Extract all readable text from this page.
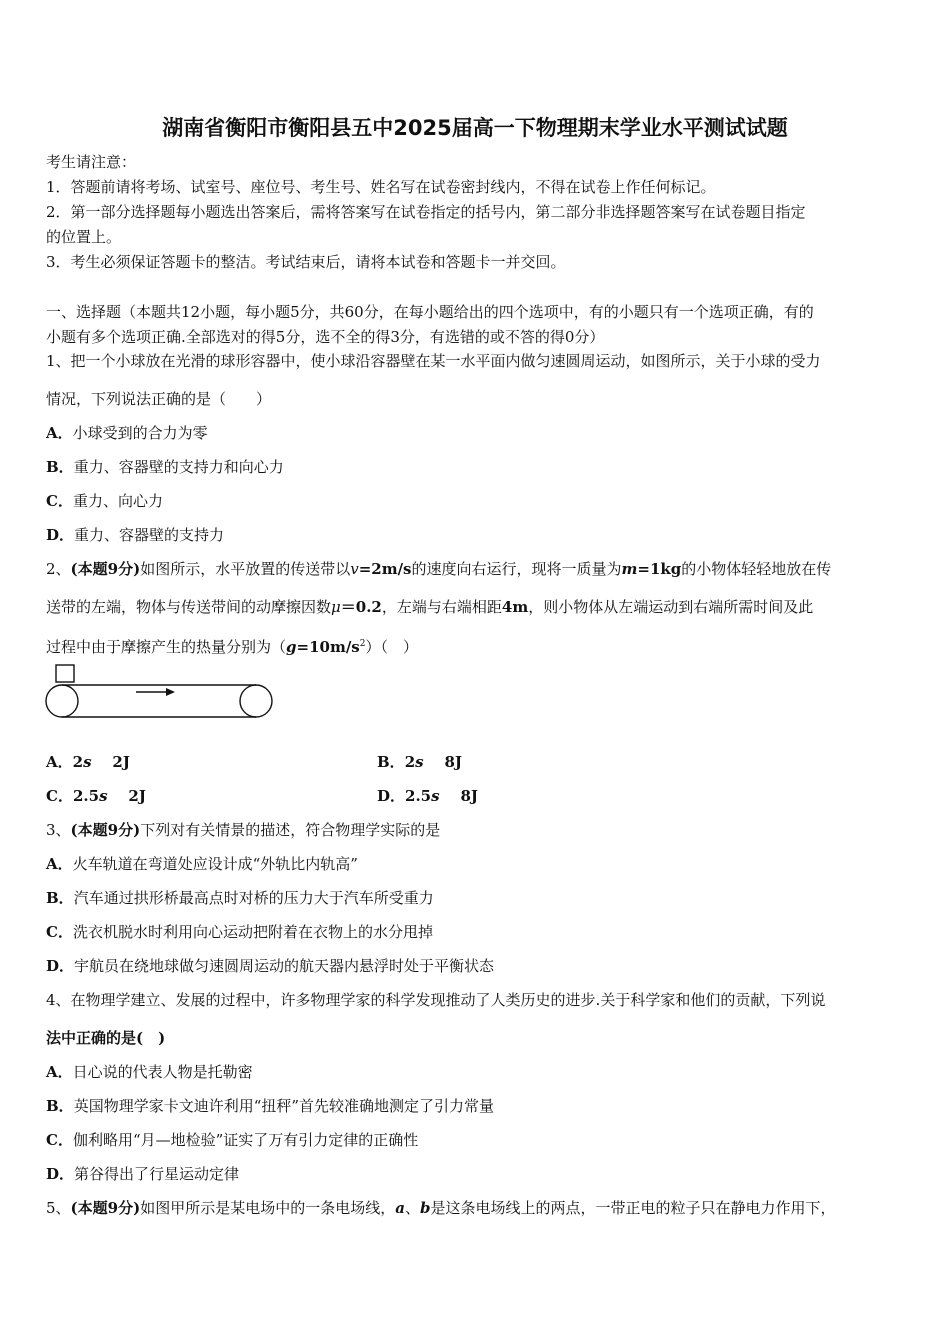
湖南省衡阳市衡阳县五中2025届高一下物理期末学业水平测试试题
考生请注意：
1．答题前请将考场、试室号、座位号、考生号、姓名写在试卷密封线内，不得在试卷上作任何标记。
2．第一部分选择题每小题选出答案后，需将答案写在试卷指定的括号内，第二部分非选择题答案写在试卷题目指定
的位置上。
3．考生必须保证答题卡的整洁。考试结束后，请将本试卷和答题卡一并交回。
一、选择题（本题共12小题，每小题5分，共60分，在每小题给出的四个选项中，有的小题只有一个选项正确，有的
小题有多个选项正确.全部选对的得5分，选不全的得3分，有选错的或不答的得0分）
1、把一个小球放在光滑的球形容器中，使小球沿容器壁在某一水平面内做匀速圆周运动，如图所示，关于小球的受力
情况，下列说法正确的是（　　）
A．小球受到的合力为零
B．重力、容器壁的支持力和向心力
C．重力、向心力
D．重力、容器壁的支持力
2、(本题9分)如图所示，水平放置的传送带以v=2m/s的速度向右运行，现将一质量为m=1kg的小物体轻轻地放在传
送带的左端，物体与传送带间的动摩擦因数μ＝0.2，左端与右端相距4m，则小物体从左端运动到右端所需时间及此
过程中由于摩擦产生的热量分别为$(g=10m/s^2)$（　）
A．2s 2J	B．2s 8J
C．2.5s 2J	D．2.5s 8J
3、(本题9分)下列对有关情景的描述，符合物理学实际的是
A．火车轨道在弯道处应设计成“外轨比内轨高”
B．汽车通过拱形桥最高点时对桥的压力大于汽车所受重力
C．洗衣机脱水时利用向心运动把附着在衣物上的水分甩掉
D．宇航员在绕地球做匀速圆周运动的航天器内悬浮时处于平衡状态
4、在物理学建立、发展的过程中，许多物理学家的科学发现推动了人类历史的进步.关于科学家和他们的贡献，下列说
法中正确的是(　)
A．日心说的代表人物是托勒密
B．英国物理学家卡文迪许利用“扭秤”首先较准确地测定了引力常量
C．伽利略用“月—地检验”证实了万有引力定律的正确性
D．第谷得出了行星运动定律
5、(本题9分)如图甲所示是某电场中的一条电场线，a、b是这条电场线上的两点，一带正电的粒子只在静电力作用下，
